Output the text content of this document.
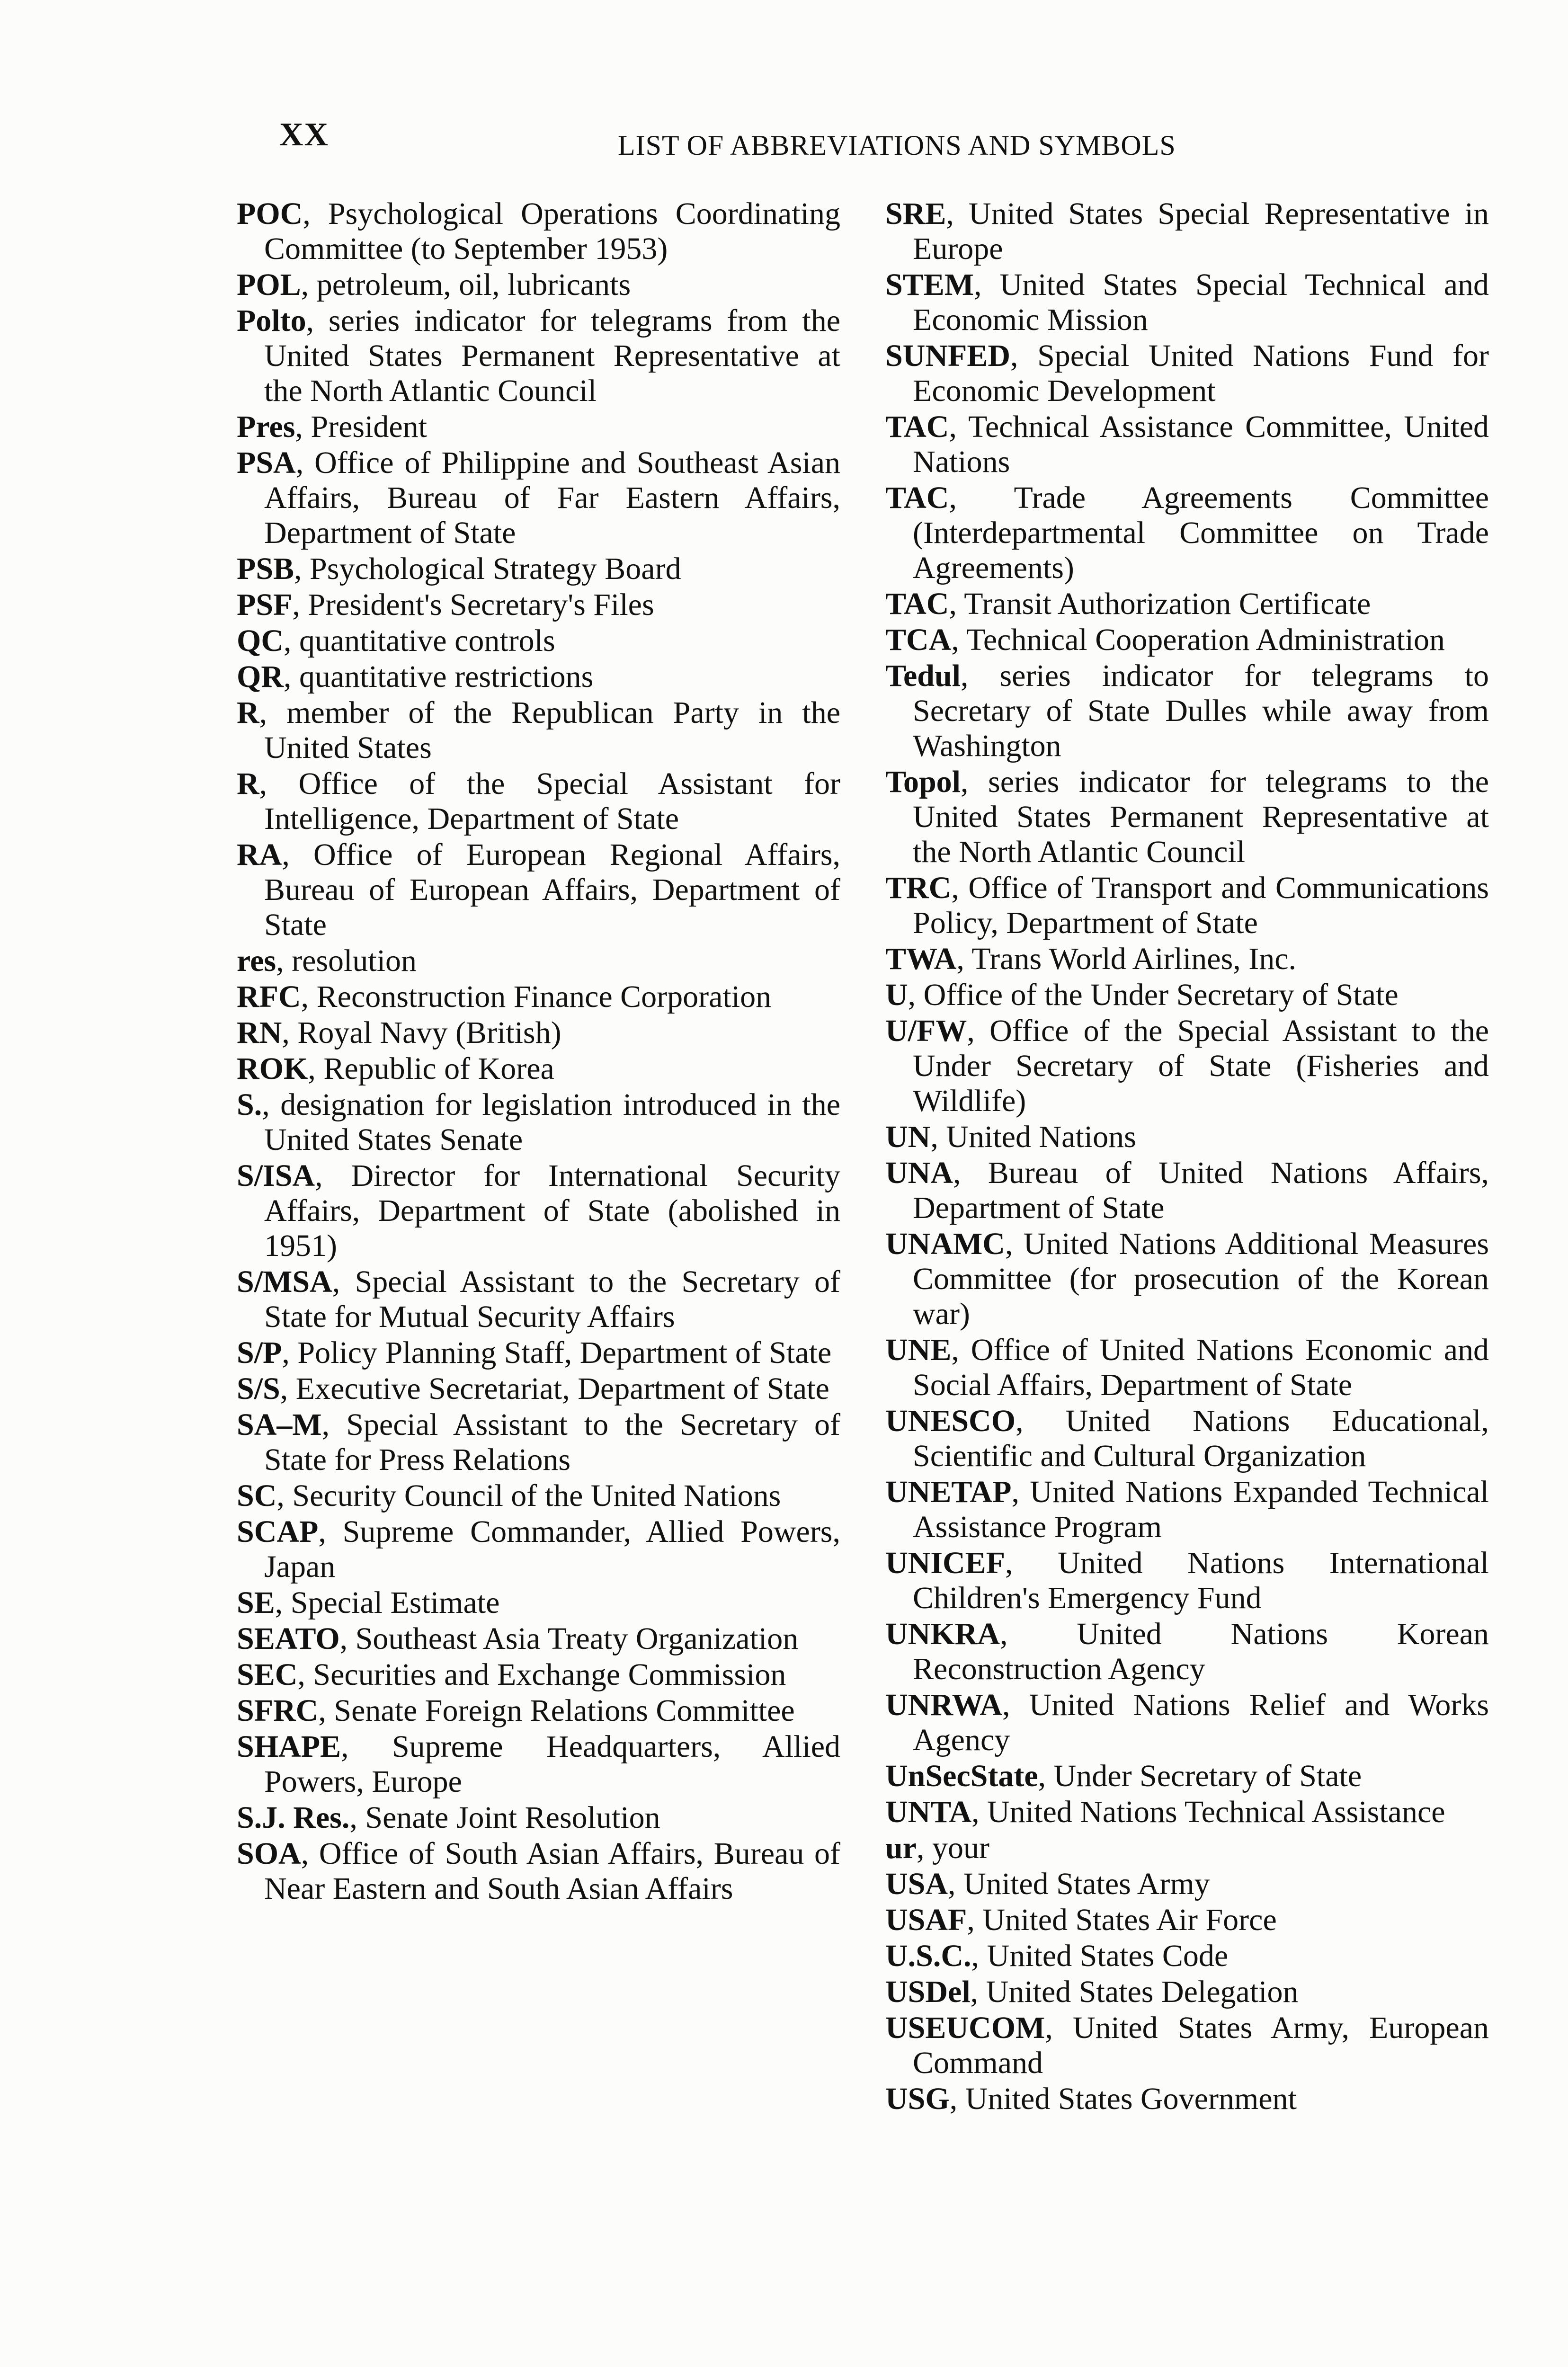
XX	LIST OF ABBREVIATIONS AND SYMBOLS

POC, Psychological Operations Coordinating Committee (to September 1953)

POL, petroleum, oil, lubricants

Polto, series indicator for telegrams from the United States Permanent Representative at the North Atlantic Council

Pres, President

PSA, Office of Philippine and Southeast Asian Affairs, Bureau of Far Eastern Affairs, Department of State

PSB, Psychological Strategy Board

PSF, President's Secretary's Files

QC, quantitative controls

QR, quantitative restrictions

R, member of the Republican Party in the United States

R, Office of the Special Assistant for Intelligence, Department of State

RA, Office of European Regional Affairs, Bureau of European Affairs, Department of State

res, resolution

RFC, Reconstruction Finance Corporation

RN, Royal Navy (British)

ROK, Republic of Korea

S., designation for legislation introduced in the United States Senate

S/ISA, Director for International Security Affairs, Department of State (abolished in 1951)

S/MSA, Special Assistant to the Secretary of State for Mutual Security Affairs

S/P, Policy Planning Staff, Department of State

S/S, Executive Secretariat, Department of State

SA–M, Special Assistant to the Secretary of State for Press Relations

SC, Security Council of the United Nations

SCAP, Supreme Commander, Allied Powers, Japan

SE, Special Estimate

SEATO, Southeast Asia Treaty Organization

SEC, Securities and Exchange Commission

SFRC, Senate Foreign Relations Committee

SHAPE, Supreme Headquarters, Allied Powers, Europe

S.J. Res., Senate Joint Resolution

SOA, Office of South Asian Affairs, Bureau of Near Eastern and South Asian Affairs

SRE, United States Special Representative in Europe

STEM, United States Special Technical and Economic Mission

SUNFED, Special United Nations Fund for Economic Development

TAC, Technical Assistance Committee, United Nations

TAC, Trade Agreements Committee (Interdepartmental Committee on Trade Agreements)

TAC, Transit Authorization Certificate

TCA, Technical Cooperation Administration

Tedul, series indicator for telegrams to Secretary of State Dulles while away from Washington

Topol, series indicator for telegrams to the United States Permanent Representative at the North Atlantic Council

TRC, Office of Transport and Communications Policy, Department of State

TWA, Trans World Airlines, Inc.

U, Office of the Under Secretary of State

U/FW, Office of the Special Assistant to the Under Secretary of State (Fisheries and Wildlife)

UN, United Nations

UNA, Bureau of United Nations Affairs, Department of State

UNAMC, United Nations Additional Measures Committee (for prosecution of the Korean war)

UNE, Office of United Nations Economic and Social Affairs, Department of State

UNESCO, United Nations Educational, Scientific and Cultural Organization

UNETAP, United Nations Expanded Technical Assistance Program

UNICEF, United Nations International Children's Emergency Fund

UNKRA, United Nations Korean Reconstruction Agency

UNRWA, United Nations Relief and Works Agency

UnSecState, Under Secretary of State

UNTA, United Nations Technical Assistance

ur, your

USA, United States Army

USAF, United States Air Force

U.S.C., United States Code

USDel, United States Delegation

USEUCOM, United States Army, European Command

USG, United States Government
